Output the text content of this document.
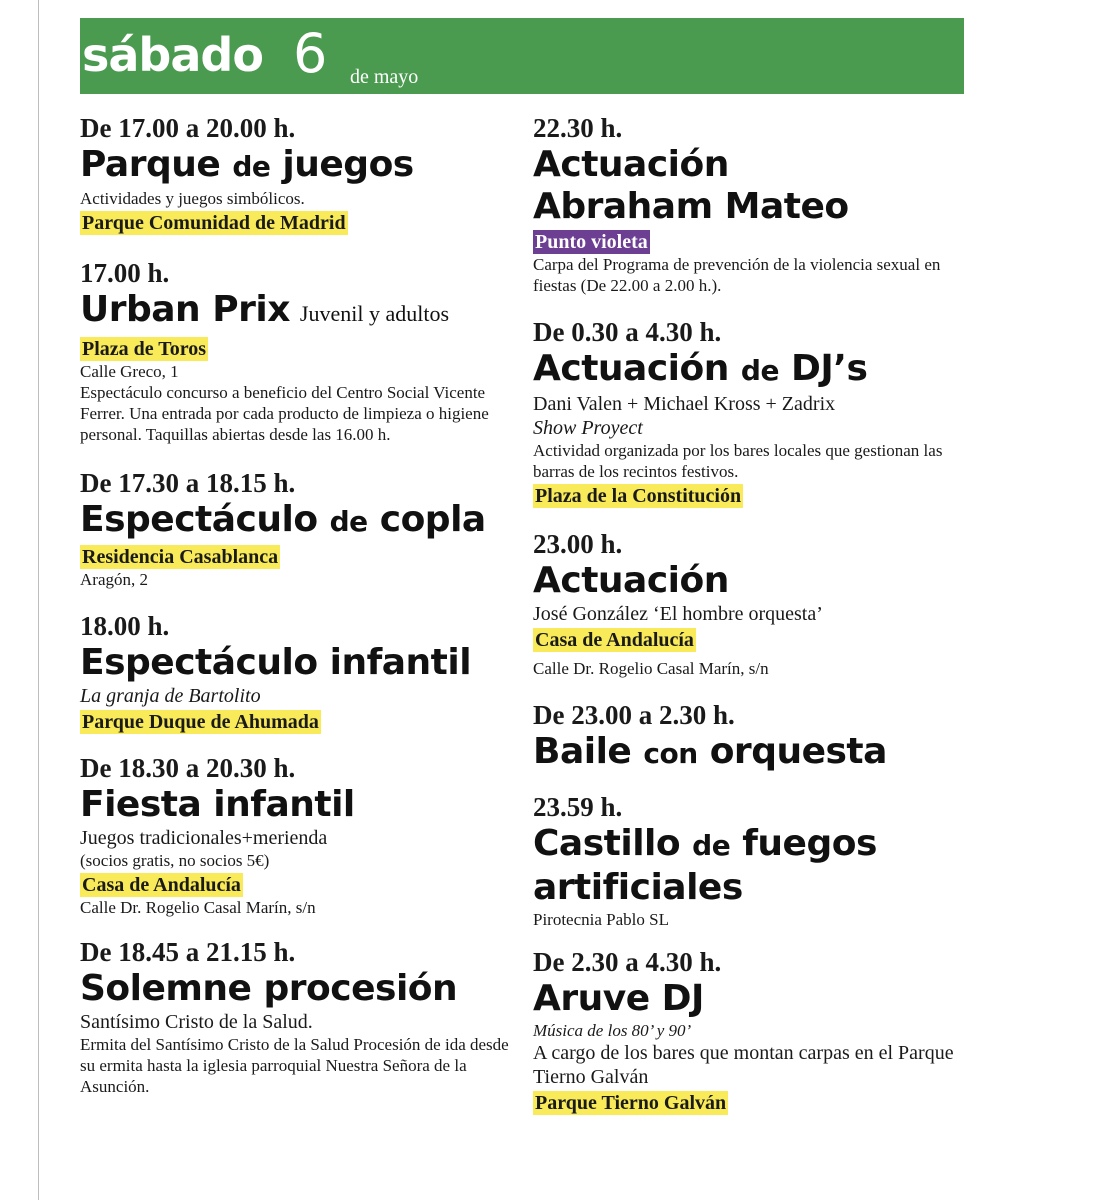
sábado 6 de mayo

De 17.00 a 20.00 h.

Parque de juegos

Actividades y juegos simbólicos.

Parque Comunidad de Madrid

17.00 h.

Urban Prix Juvenil y adultos

Plaza de Toros

Calle Greco, 1

Espectáculo concurso a beneficio del Centro Social Vicente Ferrer. Una entrada por cada producto de limpieza o higiene personal. Taquillas abiertas desde las 16.00 h.

De 17.30 a 18.15 h.

Espectáculo de copla

Residencia Casablanca

Aragón, 2

18.00 h.

Espectáculo infantil

La granja de Bartolito

Parque Duque de Ahumada

De 18.30 a 20.30 h.

Fiesta infantil

Juegos tradicionales+merienda

(socios gratis, no socios 5€)

Casa de Andalucía

Calle Dr. Rogelio Casal Marín, s/n

De 18.45 a 21.15 h.

Solemne procesión

Santísimo Cristo de la Salud.

Ermita del Santísimo Cristo de la Salud Procesión de ida desde su ermita hasta la iglesia parroquial Nuestra Señora de la Asunción.

22.30 h.

Actuación

Abraham Mateo

Punto violeta

Carpa del Programa de prevención de la violencia sexual en fiestas (De 22.00 a 2.00 h.).

De 0.30 a 4.30 h.

Actuación de DJ’s

Dani Valen + Michael Kross + Zadrix

Show Proyect

Actividad organizada por los bares locales que gestionan las barras de los recintos festivos.

Plaza de la Constitución

23.00 h.

Actuación

José González ‘El hombre orquesta’

Casa de Andalucía

Calle Dr. Rogelio Casal Marín, s/n

De 23.00 a 2.30 h.

Baile con orquesta

23.59 h.

Castillo de fuegos

artificiales

Pirotecnia Pablo SL

De 2.30 a 4.30 h.

Aruve DJ

Música de los 80’ y 90’

A cargo de los bares que montan carpas en el Parque Tierno Galván

Parque Tierno Galván
